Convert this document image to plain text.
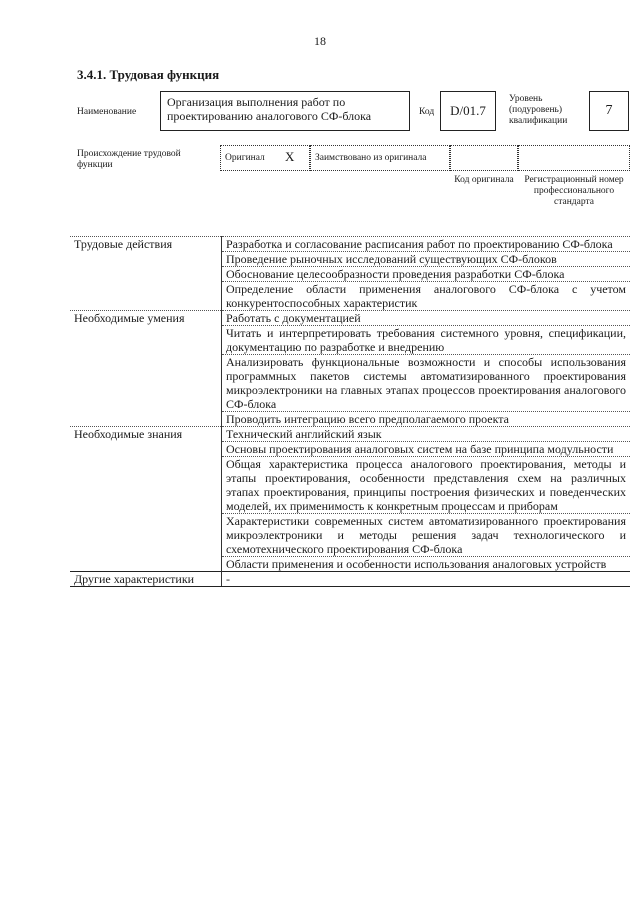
18
3.4.1. Трудовая функция
Наименование
Организация выполнения работ по проектированию аналогового СФ-блока	Код	D/01.7
Уровень (подуровень) квалификации
7
Происхождение трудовой функции
Оригинал X Заимствовано из оригинала
Код оригинала	Регистрационный номер профессионального стандарта
Трудовые действия	Разработка и согласование расписания работ по проектированию СФ-блока
	Проведение рыночных исследований существующих СФ-блоков
	Обоснование целесообразности проведения разработки СФ-блока
	Определение области применения аналогового СФ-блока с учетом конкурентоспособных характеристик
Необходимые умения	Работать с документацией
	Читать и интерпретировать требования системного уровня, спецификации, документацию по разработке и внедрению
	Анализировать функциональные возможности и способы использования программных пакетов системы автоматизированного проектирования микроэлектроники на главных этапах процессов проектирования аналогового СФ-блока
	Проводить интеграцию всего предполагаемого проекта
Необходимые знания	Технический английский язык
	Основы проектирования аналоговых систем на базе принципа модульности
	Общая характеристика процесса аналогового проектирования, методы и этапы проектирования, особенности представления схем на различных этапах проектирования, принципы построения физических и поведенческих моделей, их применимость к конкретным процессам и приборам
	Характеристики современных систем автоматизированного проектирования микроэлектроники и методы решения задач технологического и схемотехнического проектирования СФ-блока
	Области применения и особенности использования аналоговых устройств
Другие характеристики	-
